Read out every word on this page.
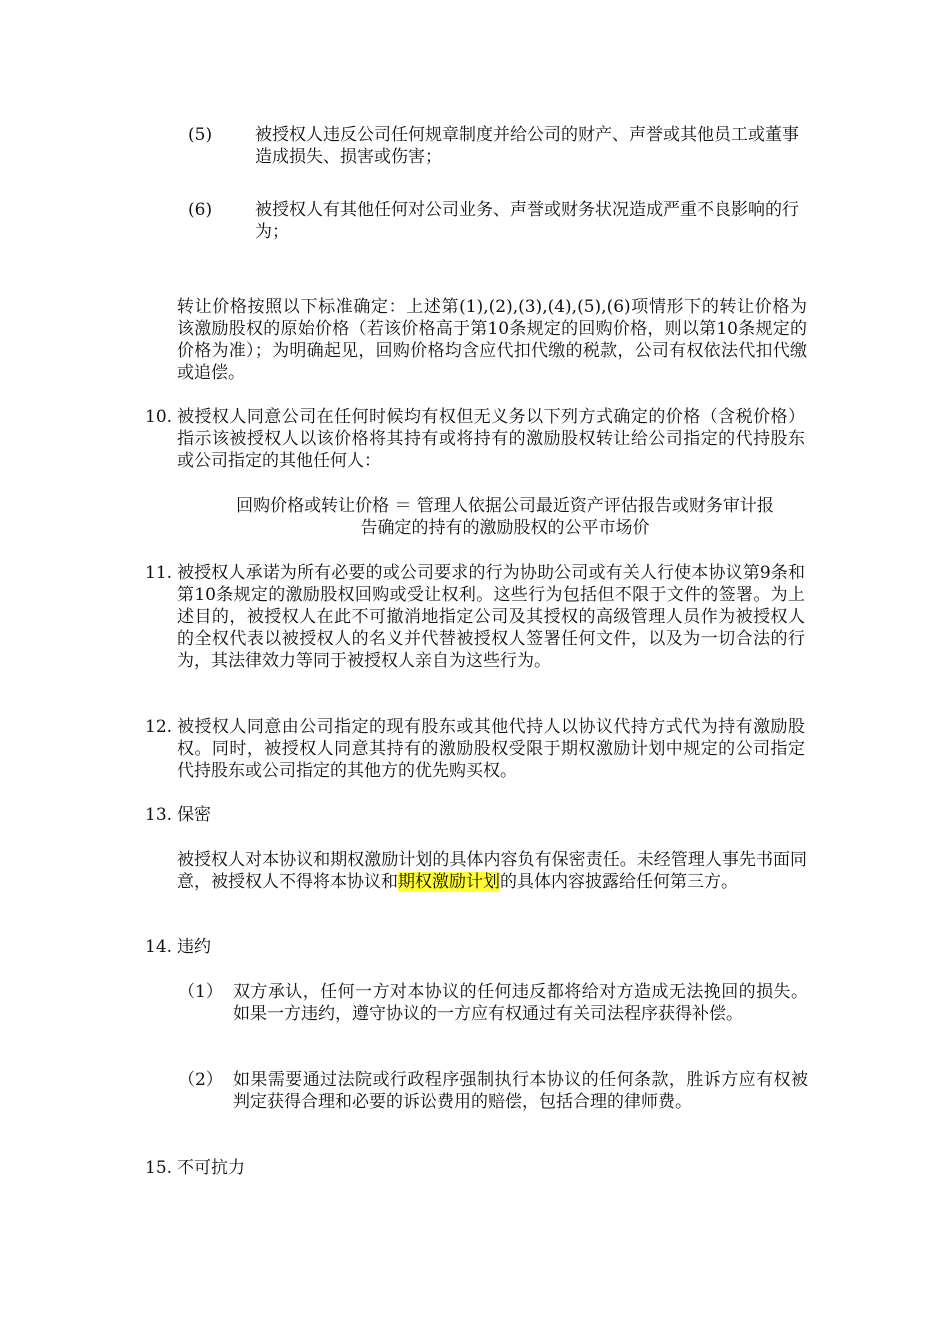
(5)	被授权人违反公司任何规章制度并给公司的财产、声誉或其他员工或董事造成损失、损害或伤害；
(6)	被授权人有其他任何对公司业务、声誉或财务状况造成严重不良影响的行为；
转让价格按照以下标准确定：上述第(1),(2),(3),(4),(5),(6)项情形下的转让价格为该激励股权的原始价格（若该价格高于第10条规定的回购价格，则以第10条规定的价格为准）；为明确起见，回购价格均含应代扣代缴的税款，公司有权依法代扣代缴或追偿。
10. 被授权人同意公司在任何时候均有权但无义务以下列方式确定的价格（含税价格）指示该被授权人以该价格将其持有或将持有的激励股权转让给公司指定的代持股东或公司指定的其他任何人：
回购价格或转让价格 ＝ 管理人依据公司最近资产评估报告或财务审计报
告确定的持有的激励股权的公平市场价
11. 被授权人承诺为所有必要的或公司要求的行为协助公司或有关人行使本协议第9条和第10条规定的激励股权回购或受让权利。这些行为包括但不限于文件的签署。为上述目的，被授权人在此不可撤消地指定公司及其授权的高级管理人员作为被授权人的全权代表以被授权人的名义并代替被授权人签署任何文件，以及为一切合法的行为，其法律效力等同于被授权人亲自为这些行为。
12. 被授权人同意由公司指定的现有股东或其他代持人以协议代持方式代为持有激励股权。同时，被授权人同意其持有的激励股权受限于期权激励计划中规定的公司指定代持股东或公司指定的其他方的优先购买权。
13. 保密
被授权人对本协议和期权激励计划的具体内容负有保密责任。未经管理人事先书面同意，被授权人不得将本协议和期权激励计划的具体内容披露给任何第三方。
14. 违约
（1） 双方承认，任何一方对本协议的任何违反都将给对方造成无法挽回的损失。如果一方违约，遵守协议的一方应有权通过有关司法程序获得补偿。
（2） 如果需要通过法院或行政程序强制执行本协议的任何条款，胜诉方应有权被判定获得合理和必要的诉讼费用的赔偿，包括合理的律师费。
15. 不可抗力
